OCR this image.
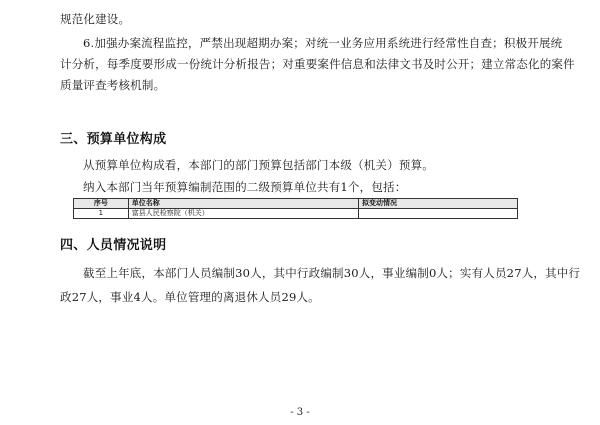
规范化建设。
6.加强办案流程监控，严禁出现超期办案；对统一业务应用系统进行经常性自查；积极开展统
计分析，每季度要形成一份统计分析报告；对重要案件信息和法律文书及时公开；建立常态化的案件
质量评查考核机制。
三、预算单位构成
从预算单位构成看，本部门的部门预算包括部门本级（机关）预算。
纳入本部门当年预算编制范围的二级预算单位共有1个，包括：
序号	单位名称	拟变动情况
1	富县人民检察院（机关）	
四、人员情况说明
截至上年底，本部门人员编制30人，其中行政编制30人，事业编制0人；实有人员27人，其中行
政27人，事业4人。单位管理的离退休人员29人。
- 3 -
